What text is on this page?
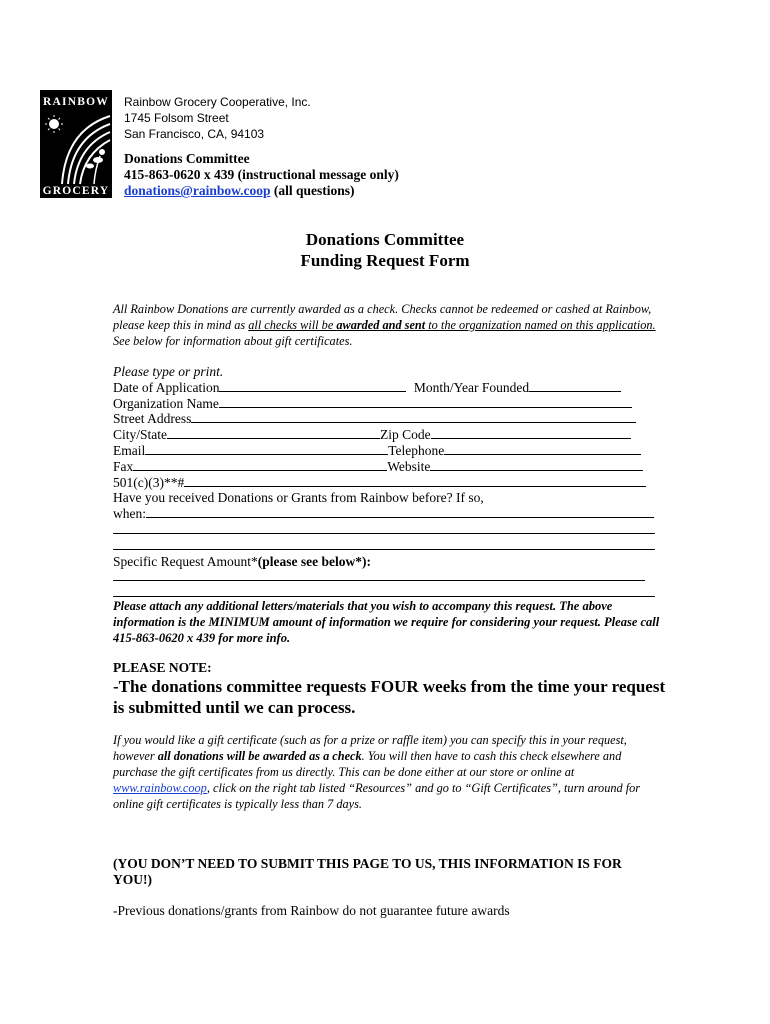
RAINBOW
GROCERY
Rainbow Grocery Cooperative, Inc.
1745 Folsom Street
San Francisco, CA, 94103
Donations Committee
415-863-0620 x 439 (instructional message only)
donations@rainbow.coop (all questions)
Donations Committee
Funding Request Form
All Rainbow Donations are currently awarded as a check. Checks cannot be redeemed or cashed at Rainbow, please keep this in mind as all checks will be awarded and sent to the organization named on this application. See below for information about gift certificates.
Please type or print.
Date of Application	Month/Year Founded
Organization Name
Street Address
City/State	Zip Code
Email	Telephone
Fax	Website
501(c)(3)**#
Have you received Donations or Grants from Rainbow before? If so,
when:
Specific Request Amount*(please see below*):
Please attach any additional letters/materials that you wish to accompany this request. The above information is the MINIMUM amount of information we require for considering your request. Please call 415-863-0620 x 439 for more info.
PLEASE NOTE:
-The donations committee requests FOUR weeks from the time your request is submitted until we can process.
If you would like a gift certificate (such as for a prize or raffle item) you can specify this in your request, however all donations will be awarded as a check. You will then have to cash this check elsewhere and purchase the gift certificates from us directly. This can be done either at our store or online at www.rainbow.coop, click on the right tab listed “Resources” and go to “Gift Certificates”, turn around for online gift certificates is typically less than 7 days.
(YOU DON’T NEED TO SUBMIT THIS PAGE TO US, THIS INFORMATION IS FOR YOU!)
-Previous donations/grants from Rainbow do not guarantee future awards
